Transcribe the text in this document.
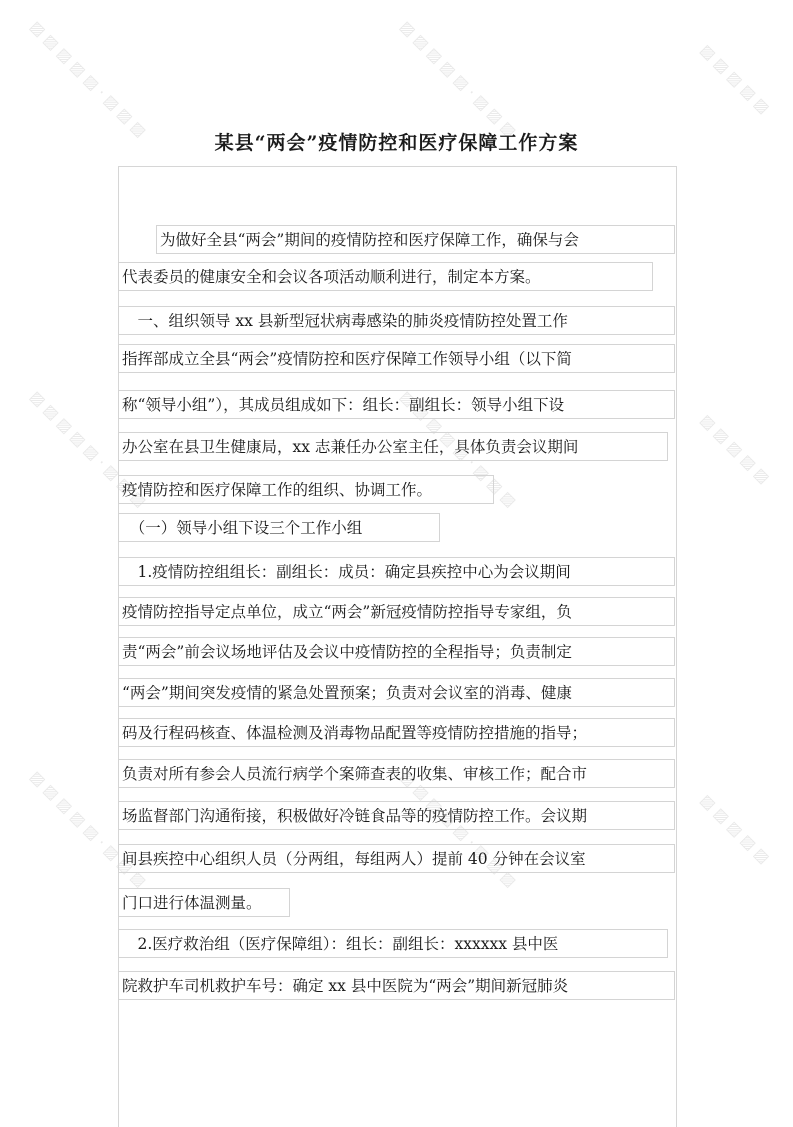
▨ ▨ ▨ ▨ ▨ · ▨ ▨ ▨	▨ ▨ ▨ ▨ ▨ · ▨ ▨ ▨	▨ ▨ ▨ ▨ ▨
▨ ▨ ▨ ▨ ▨ · ▨ ▨ ▨	▨ ▨ ▨ ▨ ▨ · ▨ ▨ ▨	▨ ▨ ▨ ▨ ▨
▨ ▨ ▨ ▨ ▨ · ▨ ▨ ▨	▨ ▨ ▨ ▨ ▨ · ▨ ▨ ▨	▨ ▨ ▨ ▨ ▨
某县“两会”疫情防控和医疗保障工作方案
为做好全县“两会”期间的疫情防控和医疗保障工作，确保与会
代表委员的健康安全和会议各项活动顺利进行，制定本方案。
　一、组织领导 xx 县新型冠状病毒感染的肺炎疫情防控处置工作
指挥部成立全县“两会”疫情防控和医疗保障工作领导小组（以下简
称“领导小组”），其成员组成如下：组长：副组长：领导小组下设
办公室在县卫生健康局，xx 志兼任办公室主任，具体负责会议期间
疫情防控和医疗保障工作的组织、协调工作。
　（一）领导小组下设三个工作小组
　1.疫情防控组组长：副组长：成员：确定县疾控中心为会议期间
疫情防控指导定点单位，成立“两会”新冠疫情防控指导专家组，负
责“两会”前会议场地评估及会议中疫情防控的全程指导；负责制定
“两会”期间突发疫情的紧急处置预案；负责对会议室的消毒、健康
码及行程码核查、体温检测及消毒物品配置等疫情防控措施的指导；
负责对所有参会人员流行病学个案筛查表的收集、审核工作；配合市
场监督部门沟通衔接，积极做好冷链食品等的疫情防控工作。会议期
间县疾控中心组织人员（分两组，每组两人）提前 40 分钟在会议室
门口进行体温测量。
　2.医疗救治组（医疗保障组）：组长：副组长：xxxxxx 县中医
院救护车司机救护车号：确定 xx 县中医院为“两会”期间新冠肺炎
